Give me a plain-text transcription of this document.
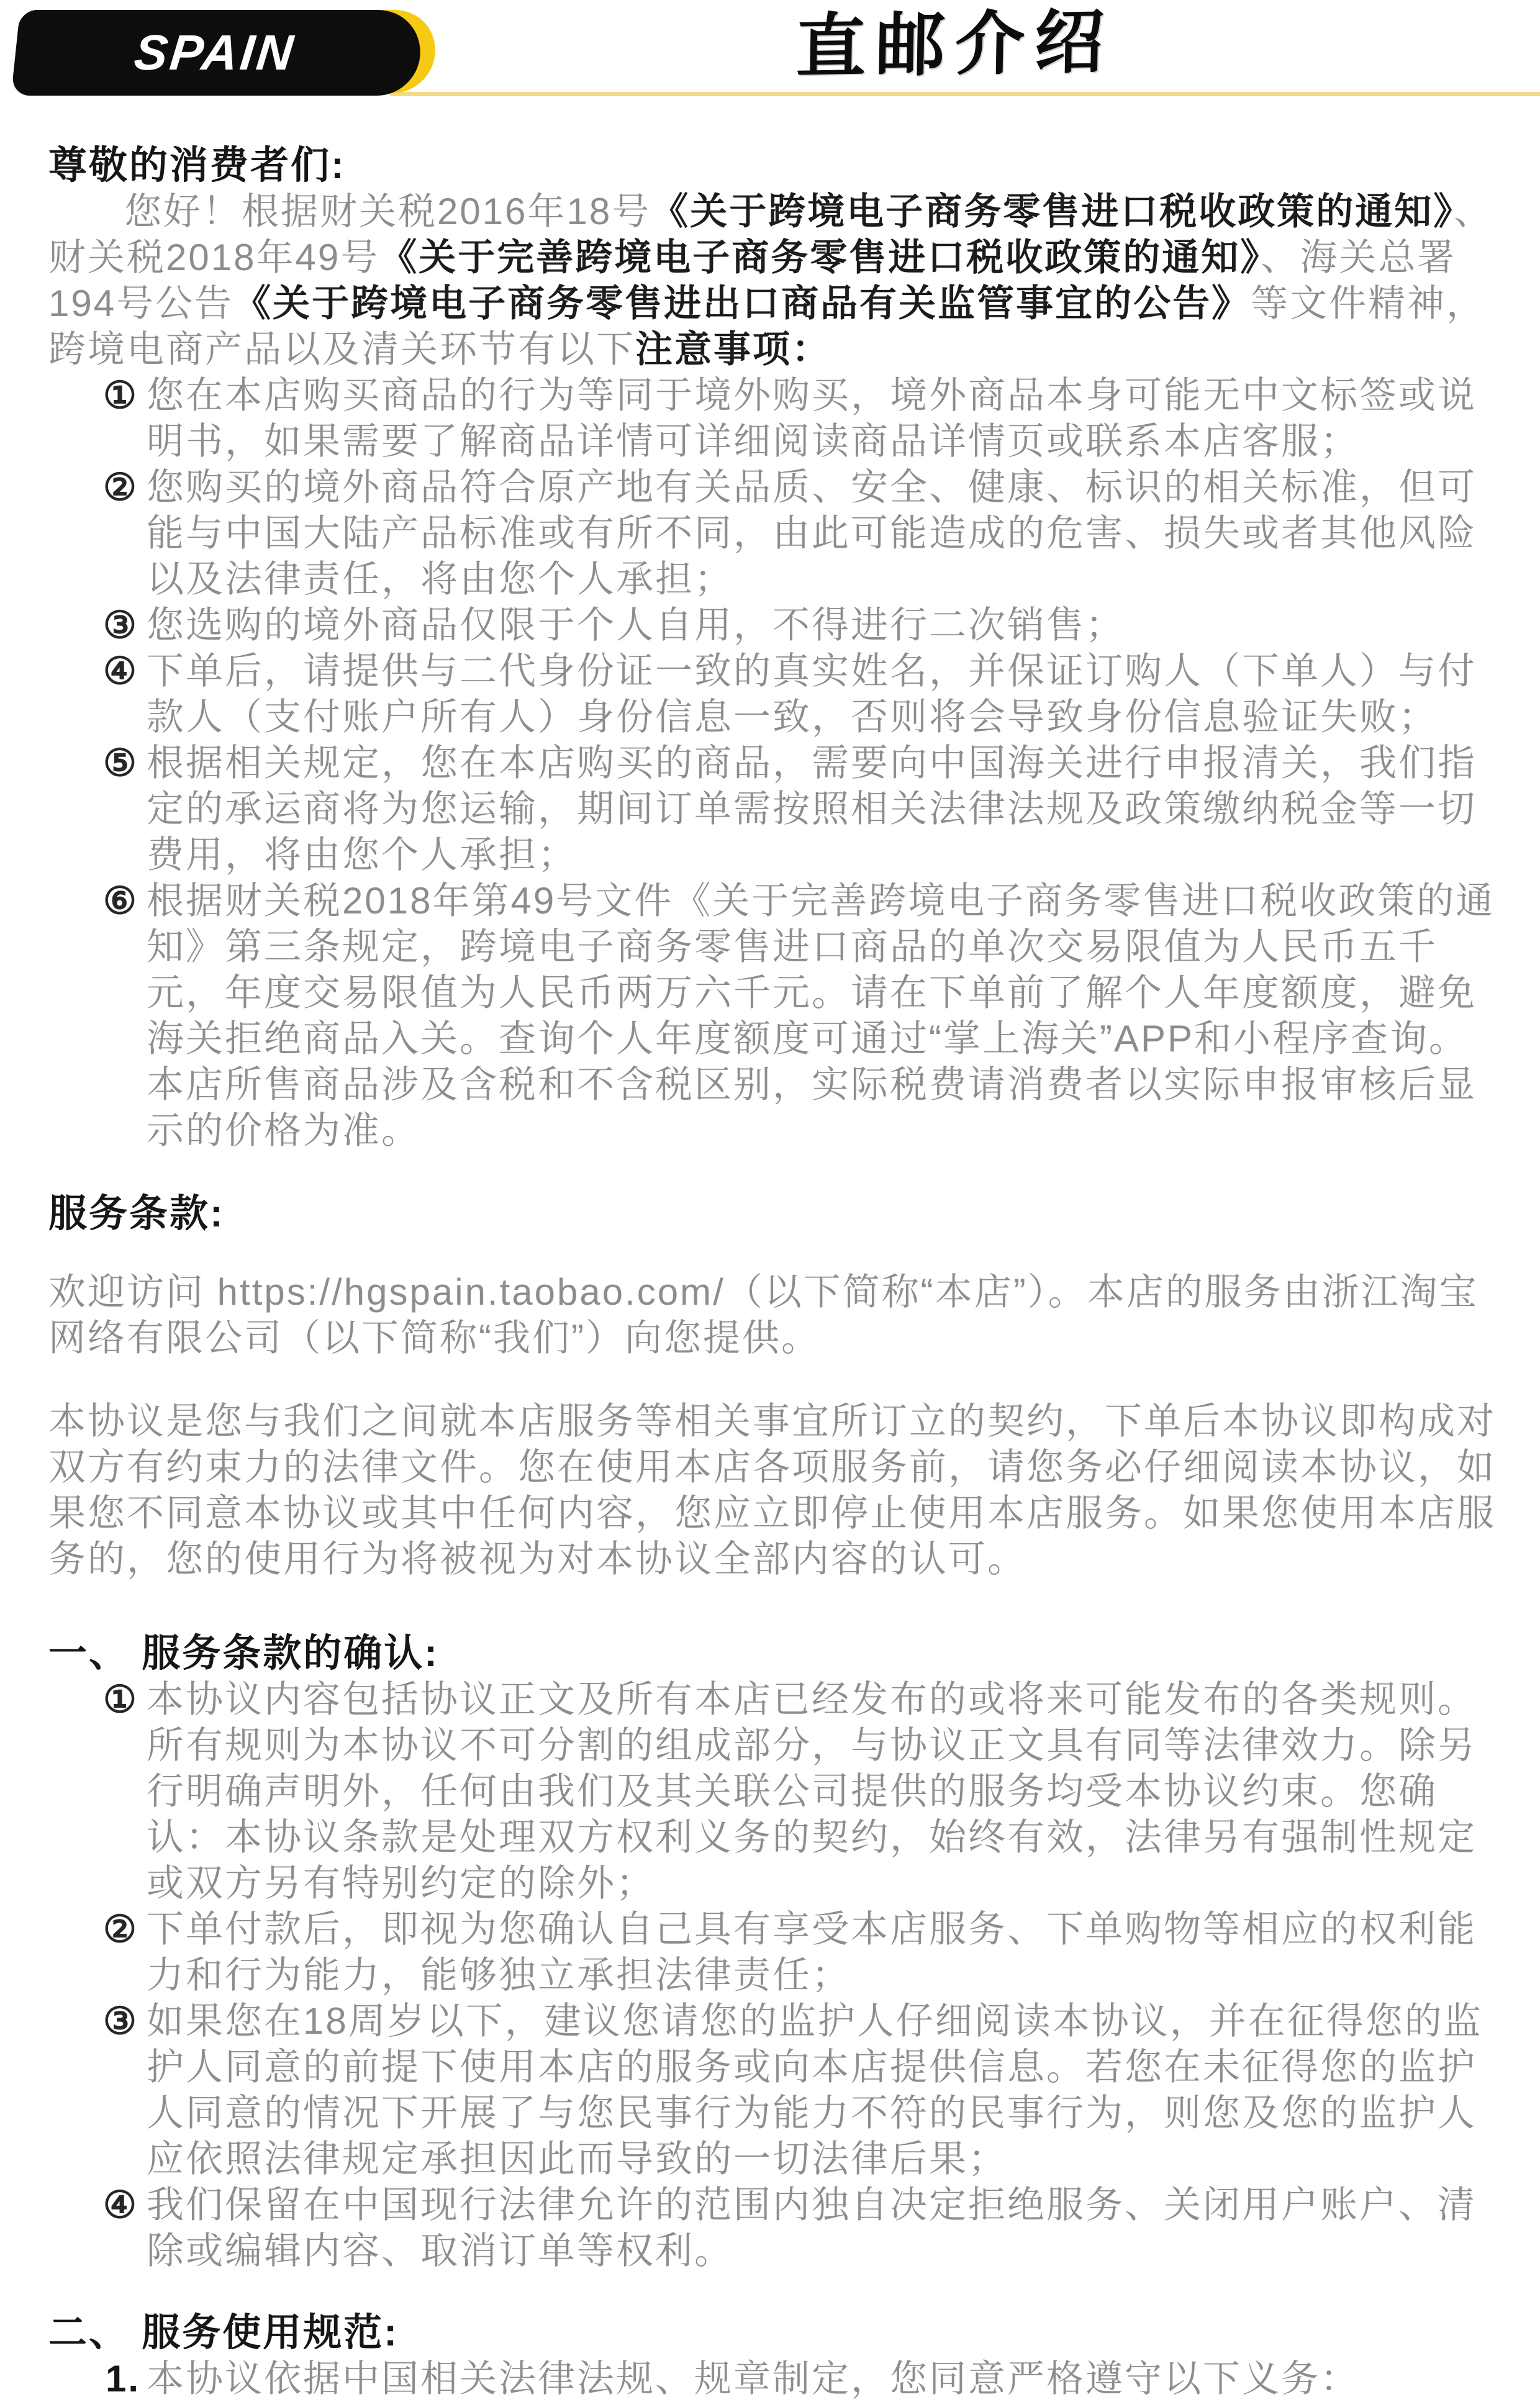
SPAIN	直邮介绍

尊敬的消费者们:

您好！根据财关税2016年18号《关于跨境电子商务零售进口税收政策的通知》、财关税2018年49号《关于完善跨境电子商务零售进口税收政策的通知》、海关总署194号公告《关于跨境电子商务零售进出口商品有关监管事宜的公告》等文件精神，跨境电商产品以及清关环节有以下注意事项：

① 您在本店购买商品的行为等同于境外购买，境外商品本身可能无中文标签或说明书，如果需要了解商品详情可详细阅读商品详情页或联系本店客服；
② 您购买的境外商品符合原产地有关品质、安全、健康、标识的相关标准，但可能与中国大陆产品标准或有所不同，由此可能造成的危害、损失或者其他风险以及法律责任，将由您个人承担；
③ 您选购的境外商品仅限于个人自用，不得进行二次销售；
④ 下单后，请提供与二代身份证一致的真实姓名，并保证订购人（下单人）与付款人（支付账户所有人）身份信息一致，否则将会导致身份信息验证失败；
⑤ 根据相关规定，您在本店购买的商品，需要向中国海关进行申报清关，我们指定的承运商将为您运输，期间订单需按照相关法律法规及政策缴纳税金等一切费用，将由您个人承担；
⑥ 根据财关税2018年第49号文件《关于完善跨境电子商务零售进口税收政策的通知》第三条规定，跨境电子商务零售进口商品的单次交易限值为人民币五千元，年度交易限值为人民币两万六千元。请在下单前了解个人年度额度，避免海关拒绝商品入关。查询个人年度额度可通过“掌上海关”APP和小程序查询。本店所售商品涉及含税和不含税区别，实际税费请消费者以实际申报审核后显示的价格为准。

服务条款:

欢迎访问 https://hgspain.taobao.com/（以下简称“本店”）。本店的服务由浙江淘宝网络有限公司（以下简称“我们”）向您提供。

本协议是您与我们之间就本店服务等相关事宜所订立的契约，下单后本协议即构成对双方有约束力的法律文件。您在使用本店各项服务前，请您务必仔细阅读本协议，如果您不同意本协议或其中任何内容，您应立即停止使用本店服务。如果您使用本店服务的，您的使用行为将被视为对本协议全部内容的认可。

一、 服务条款的确认:

① 本协议内容包括协议正文及所有本店已经发布的或将来可能发布的各类规则。所有规则为本协议不可分割的组成部分，与协议正文具有同等法律效力。除另行明确声明外，任何由我们及其关联公司提供的服务均受本协议约束。您确认：本协议条款是处理双方权利义务的契约，始终有效，法律另有强制性规定或双方另有特别约定的除外；
② 下单付款后，即视为您确认自己具有享受本店服务、下单购物等相应的权利能力和行为能力，能够独立承担法律责任；
③ 如果您在18周岁以下，建议您请您的监护人仔细阅读本协议，并在征得您的监护人同意的前提下使用本店的服务或向本店提供信息。若您在未征得您的监护人同意的情况下开展了与您民事行为能力不符的民事行为，则您及您的监护人应依照法律规定承担因此而导致的一切法律后果；
④ 我们保留在中国现行法律允许的范围内独自决定拒绝服务、关闭用户账户、清除或编辑内容、取消订单等权利。

二、 服务使用规范:

1. 本协议依据中国相关法律法规、规章制定，您同意严格遵守以下义务：
